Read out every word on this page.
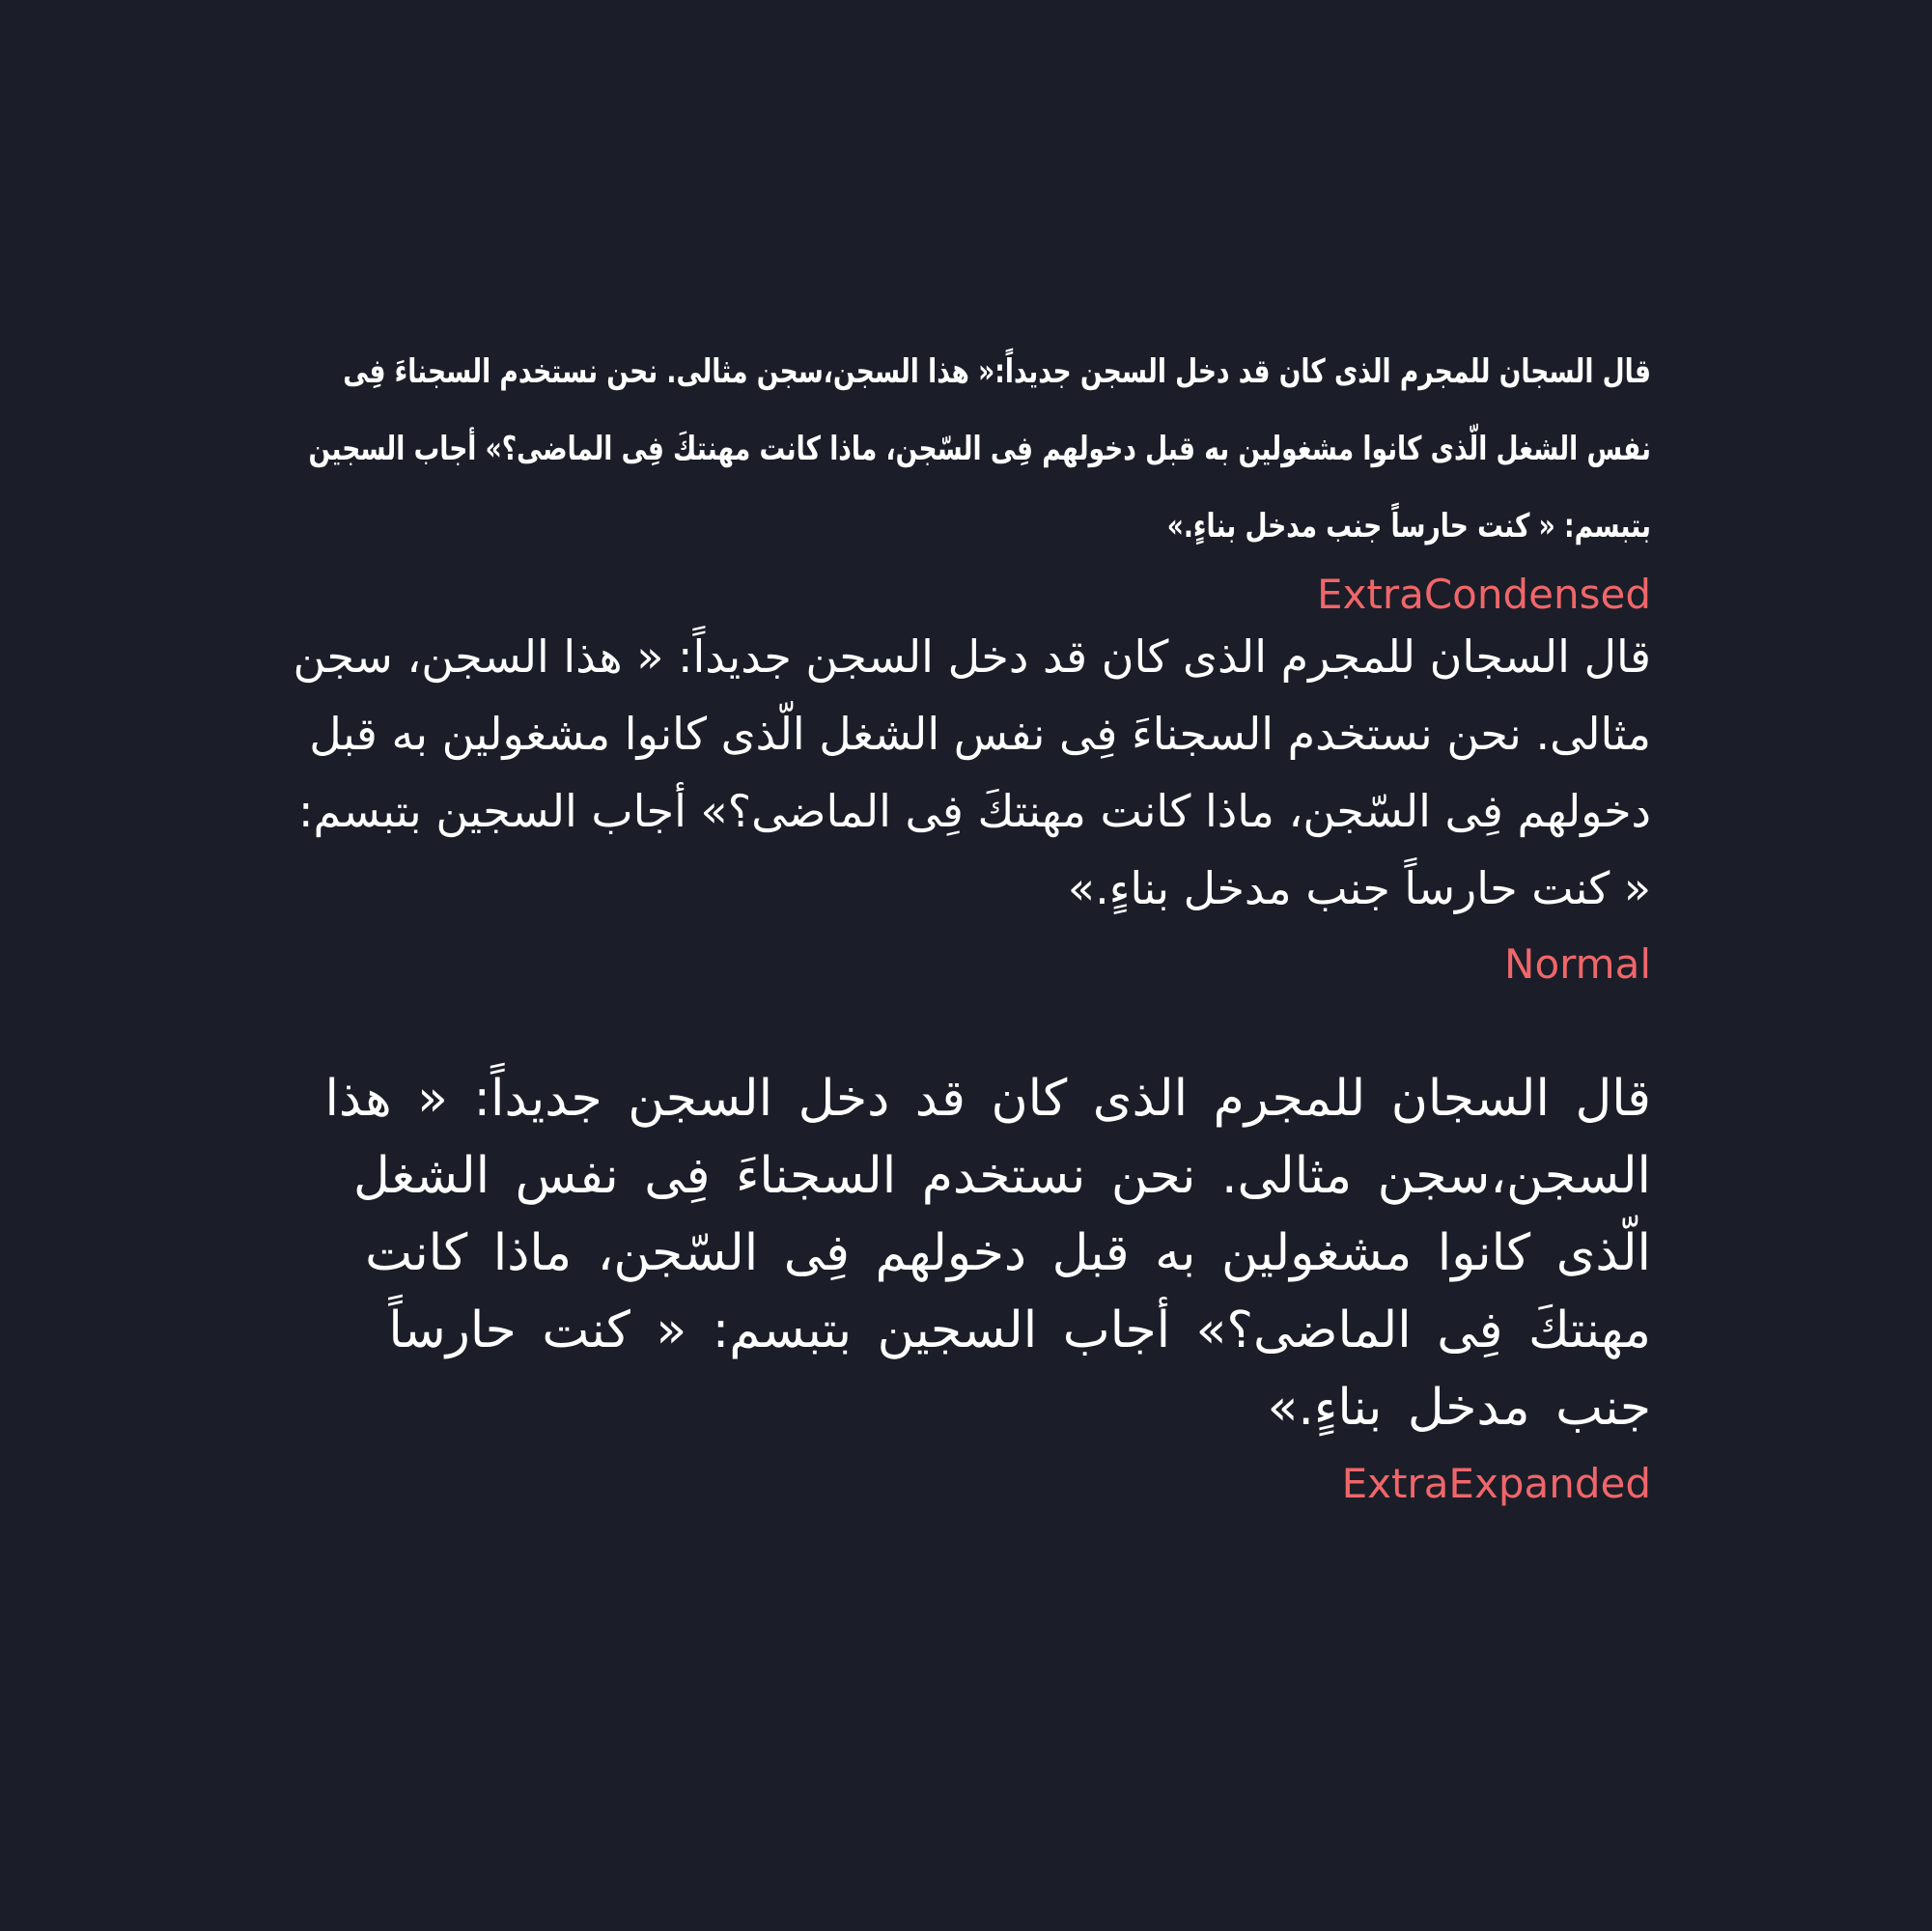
قال السجان للمجرم الذى كان قد دخل السجن جديداً:« هذا السجن،سجن مثالى. نحن نستخدم السجناءَ فِى نفس الشغل الّذى كانوا مشغولين به قبل دخولهم فِى السّجن، ماذا كانت مهنتكَ فِى الماضى؟» أجاب السجين بتبسم: « كنت حارساً جنب مدخل بناءٍ.»

ExtraCondensed

قال السجان للمجرم الذى كان قد دخل السجن جديداً: « هذا السجن، سجن مثالى. نحن نستخدم السجناءَ فِى نفس الشغل الّذى كانوا مشغولين به قبل دخولهم فِى السّجن، ماذا كانت مهنتكَ فِى الماضى؟» أجاب السجين بتبسم: « كنت حارساً جنب مدخل بناءٍ.»

Normal

قال السجان للمجرم الذى كان قد دخل السجن جديداً: « هذا السجن،سجن مثالى. نحن نستخدم السجناءَ فِى نفس الشغل الّذى كانوا مشغولين به قبل دخولهم فِى السّجن، ماذا كانت مهنتكَ فِى الماضى؟» أجاب السجين بتبسم: « كنت حارساً جنب مدخل بناءٍ.»

ExtraExpanded
